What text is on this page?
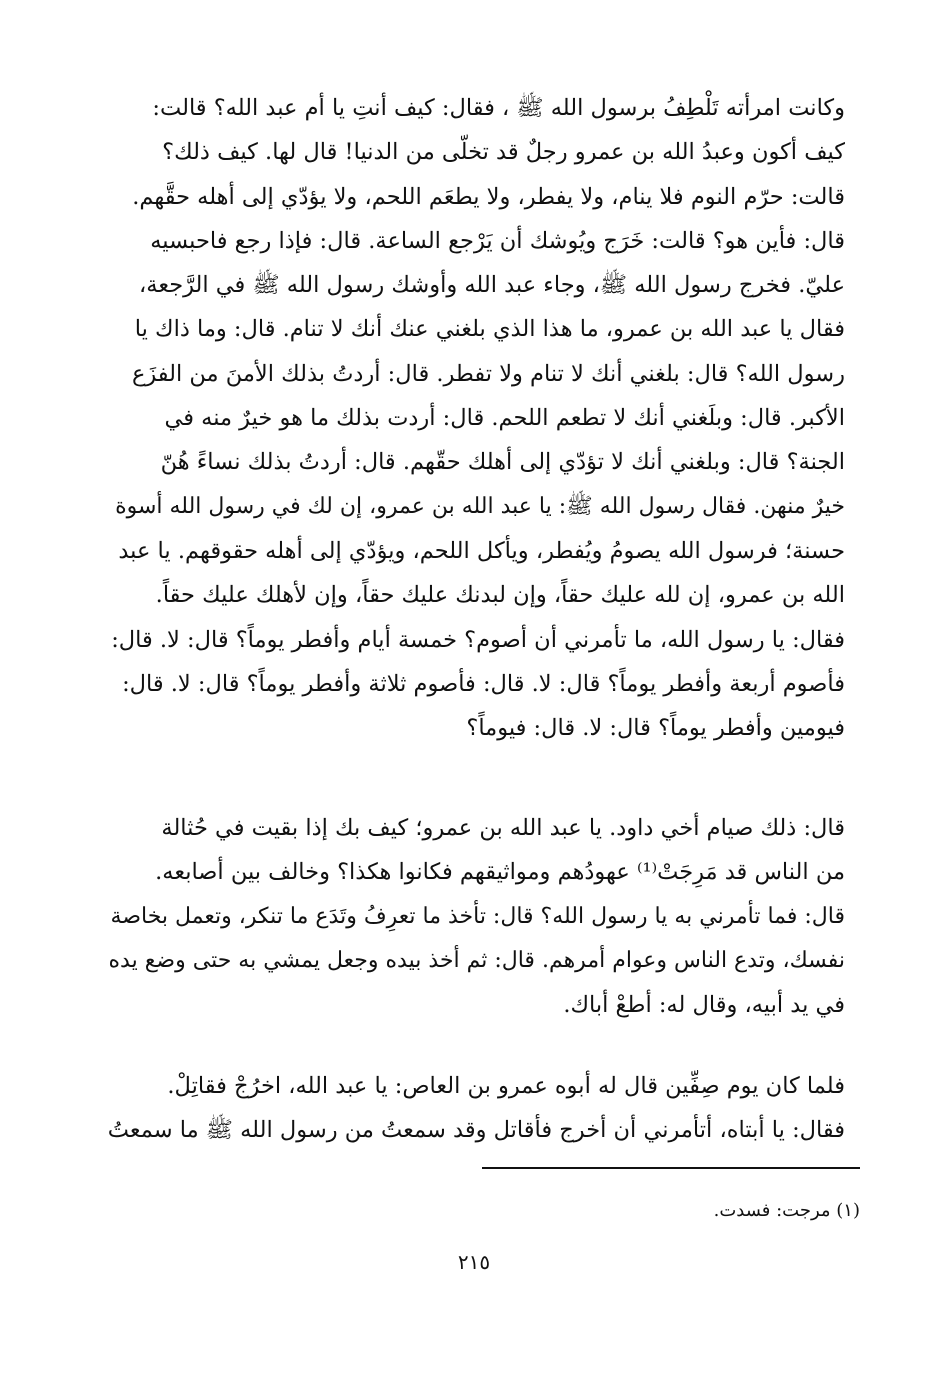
وكانت امرأته تَلْطِفُ برسول الله ﷺ ، فقال: كيف أنتِ يا أم عبد الله؟ قالت:
كيف أكون وعبدُ الله بن عمرو رجلٌ قد تخلّى من الدنيا! قال لها. كيف ذلك؟
قالت: حرّم النوم فلا ينام، ولا يفطر، ولا يطعَم اللحم، ولا يؤدّي إلى أهله حقَّهم.
قال: فأين هو؟ قالت: خَرَج ويُوشك أن يَرْجع الساعة. قال: فإذا رجع فاحبسيه
عليّ. فخرج رسول الله ﷺ، وجاء عبد الله وأوشك رسول الله ﷺ في الرَّجعة،
فقال يا عبد الله بن عمرو، ما هذا الذي بلغني عنك أنك لا تنام. قال: وما ذاك يا
رسول الله؟ قال: بلغني أنك لا تنام ولا تفطر. قال: أردتُ بذلك الأمنَ من الفزَع
الأكبر. قال: وبلَغني أنك لا تطعم اللحم. قال: أردت بذلك ما هو خيرٌ منه في
الجنة؟ قال: وبلغني أنك لا تؤدّي إلى أهلك حقّهم. قال: أردتُ بذلك نساءً هُنّ
خيرٌ منهن. فقال رسول الله ﷺ: يا عبد الله بن عمرو، إن لك في رسول الله أسوة
حسنة؛ فرسول الله يصومُ ويُفطر، ويأكل اللحم، ويؤدّي إلى أهله حقوقهم. يا عبد
الله بن عمرو، إن لله عليك حقاً، وإن لبدنك عليك حقاً، وإن لأهلك عليك حقاً.
فقال: يا رسول الله، ما تأمرني أن أصوم؟ خمسة أيام وأفطر يوماً؟ قال: لا. قال:
فأصوم أربعة وأفطر يوماً؟ قال: لا. قال: فأصوم ثلاثة وأفطر يوماً؟ قال: لا. قال:
فيومين وأفطر يوماً؟ قال: لا. قال: فيوماً؟
قال: ذلك صيام أخي داود. يا عبد الله بن عمرو؛ كيف بك إذا بقيت في حُثالة
من الناس قد مَرِجَتْ⁽¹⁾ عهودُهم ومواثيقهم فكانوا هكذا؟ وخالف بين أصابعه.
قال: فما تأمرني به يا رسول الله؟ قال: تأخذ ما تعرِفُ وتَدَع ما تنكر، وتعمل بخاصة
نفسك، وتدع الناس وعوام أمرهم. قال: ثم أخذ بيده وجعل يمشي به حتى وضع يده
في يد أبيه، وقال له: أطعْ أباك.
فلما كان يوم صِفِّين قال له أبوه عمرو بن العاص: يا عبد الله، اخرُجْ فقاتِلْ.
فقال: يا أبتاه، أتأمرني أن أخرج فأقاتل وقد سمعتُ من رسول الله ﷺ ما سمعتُ
(١) مرجت: فسدت.
٢١٥
